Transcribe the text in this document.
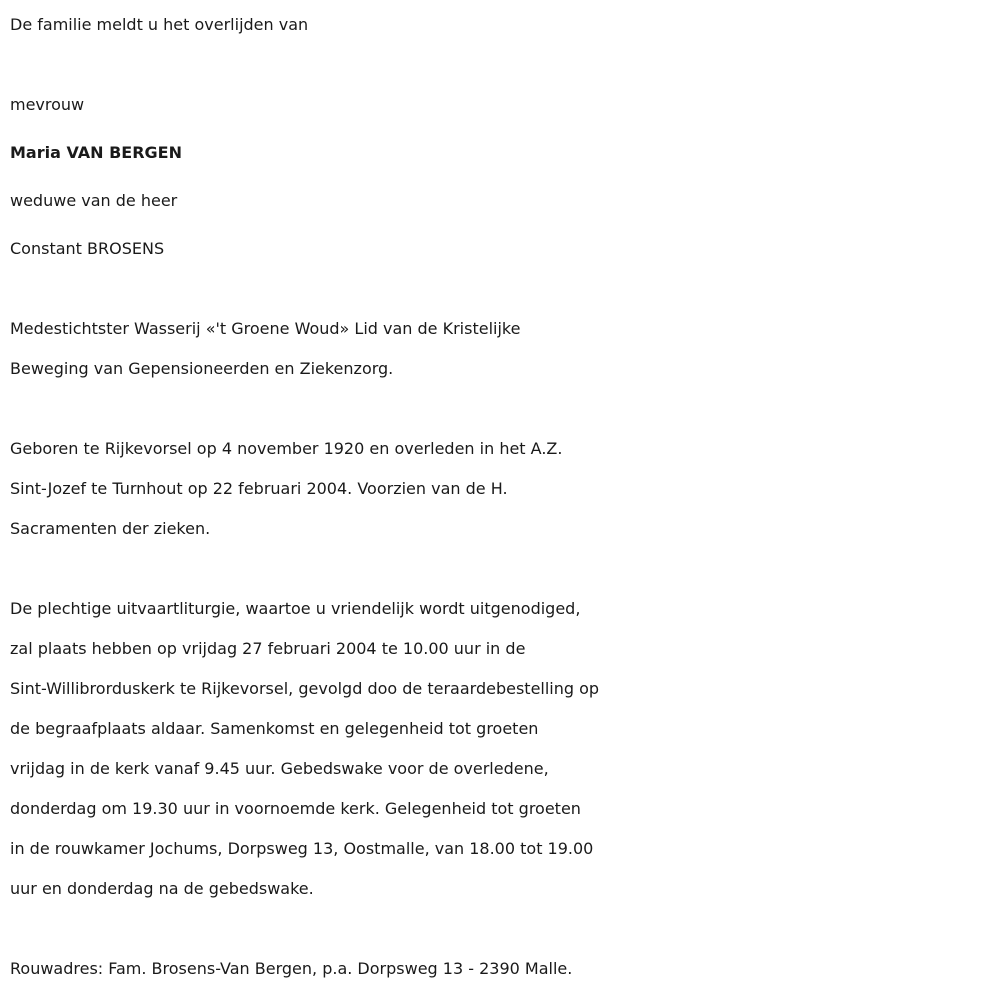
De familie meldt u het overlijden van
mevrouw
Maria VAN BERGEN
weduwe van de heer
Constant BROSENS
Medestichtster Wasserij «'t Groene Woud» Lid van de Kristelijke
Beweging van Gepensioneerden en Ziekenzorg.
Geboren te Rijkevorsel op 4 november 1920 en overleden in het A.Z.
Sint-Jozef te Turnhout op 22 februari 2004. Voorzien van de H.
Sacramenten der zieken.
De plechtige uitvaartliturgie, waartoe u vriendelijk wordt uitgenodiged,
zal plaats hebben op vrijdag 27 februari 2004 te 10.00 uur in de
Sint-Willibrorduskerk te Rijkevorsel, gevolgd doo de teraardebestelling op
de begraafplaats aldaar. Samenkomst en gelegenheid tot groeten
vrijdag in de kerk vanaf 9.45 uur. Gebedswake voor de overledene,
donderdag om 19.30 uur in voornoemde kerk. Gelegenheid tot groeten
in de rouwkamer Jochums, Dorpsweg 13, Oostmalle, van 18.00 tot 19.00
uur en donderdag na de gebedswake.
Rouwadres: Fam. Brosens-Van Bergen, p.a. Dorpsweg 13 - 2390 Malle.
